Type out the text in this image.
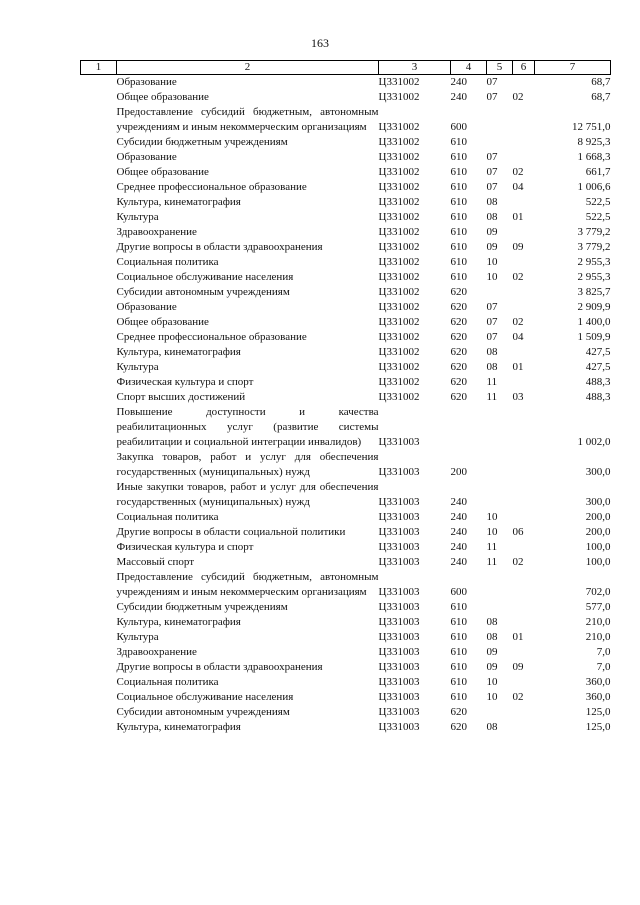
163
1	2	3	4	5	6	7
	Образование	Ц331002	240	07		68,7
	Общее образование	Ц331002	240	07	02	68,7
	Предоставление субсидий бюджетным, автономным учреждениям и иным некоммерческим организациям	Ц331002	600			12 751,0
	Субсидии бюджетным учреждениям	Ц331002	610			8 925,3
	Образование	Ц331002	610	07		1 668,3
	Общее образование	Ц331002	610	07	02	661,7
	Среднее профессиональное образование	Ц331002	610	07	04	1 006,6
	Культура, кинематография	Ц331002	610	08		522,5
	Культура	Ц331002	610	08	01	522,5
	Здравоохранение	Ц331002	610	09		3 779,2
	Другие вопросы в области здравоохранения	Ц331002	610	09	09	3 779,2
	Социальная политика	Ц331002	610	10		2 955,3
	Социальное обслуживание населения	Ц331002	610	10	02	2 955,3
	Субсидии автономным учреждениям	Ц331002	620			3 825,7
	Образование	Ц331002	620	07		2 909,9
	Общее образование	Ц331002	620	07	02	1 400,0
	Среднее профессиональное образование	Ц331002	620	07	04	1 509,9
	Культура, кинематография	Ц331002	620	08		427,5
	Культура	Ц331002	620	08	01	427,5
	Физическая культура и спорт	Ц331002	620	11		488,3
	Спорт высших достижений	Ц331002	620	11	03	488,3
	Повышение доступности и качества реабилитационных услуг (развитие системы реабилитации и социальной интеграции инвалидов)	Ц331003				1 002,0
	Закупка товаров, работ и услуг для обеспечения государственных (муниципальных) нужд	Ц331003	200			300,0
	Иные закупки товаров, работ и услуг для обеспечения государственных (муниципальных) нужд	Ц331003	240			300,0
	Социальная политика	Ц331003	240	10		200,0
	Другие вопросы в области социальной политики	Ц331003	240	10	06	200,0
	Физическая культура и спорт	Ц331003	240	11		100,0
	Массовый спорт	Ц331003	240	11	02	100,0
	Предоставление субсидий бюджетным, автономным учреждениям и иным некоммерческим организациям	Ц331003	600			702,0
	Субсидии бюджетным учреждениям	Ц331003	610			577,0
	Культура, кинематография	Ц331003	610	08		210,0
	Культура	Ц331003	610	08	01	210,0
	Здравоохранение	Ц331003	610	09		7,0
	Другие вопросы в области здравоохранения	Ц331003	610	09	09	7,0
	Социальная политика	Ц331003	610	10		360,0
	Социальное обслуживание населения	Ц331003	610	10	02	360,0
	Субсидии автономным учреждениям	Ц331003	620			125,0
	Культура, кинематография	Ц331003	620	08		125,0
